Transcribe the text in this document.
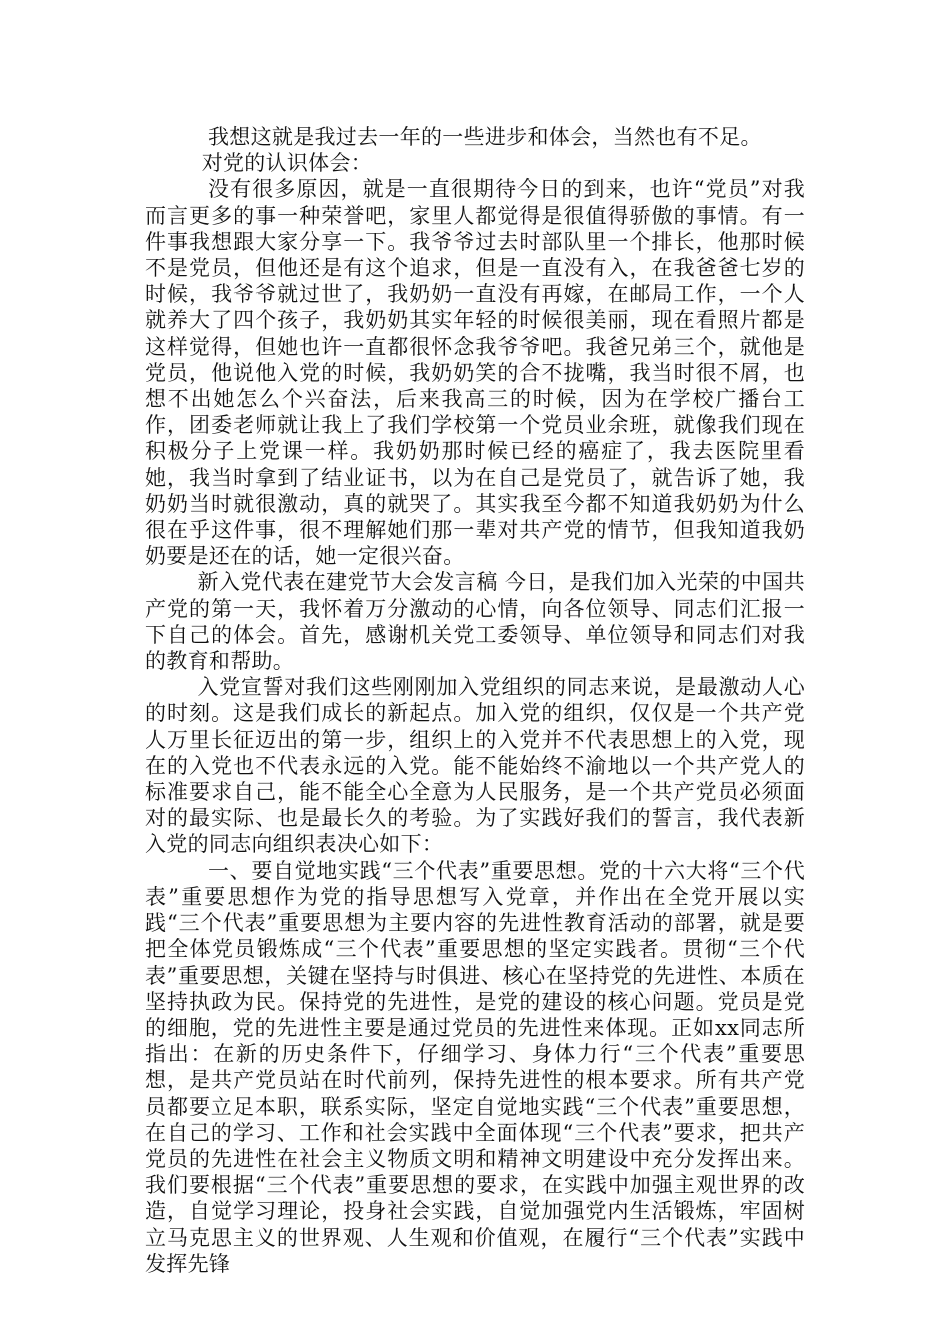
我想这就是我过去一年的一些进步和体会，当然也有不足。

对党的认识体会：

没有很多原因，就是一直很期待今日的到来，也许“党员”对我而言更多的事一种荣誉吧，家里人都觉得是很值得骄傲的事情。有一件事我想跟大家分享一下。我爷爷过去时部队里一个排长，他那时候不是党员，但他还是有这个追求，但是一直没有入，在我爸爸七岁的时候，我爷爷就过世了，我奶奶一直没有再嫁，在邮局工作，一个人就养大了四个孩子，我奶奶其实年轻的时候很美丽，现在看照片都是这样觉得，但她也许一直都很怀念我爷爷吧。我爸兄弟三个，就他是党员，他说他入党的时候，我奶奶笑的合不拢嘴，我当时很不屑，也想不出她怎么个兴奋法，后来我高三的时候，因为在学校广播台工作，团委老师就让我上了我们学校第一个党员业余班，就像我们现在积极分子上党课一样。我奶奶那时候已经的癌症了，我去医院里看她，我当时拿到了结业证书，以为在自己是党员了，就告诉了她，我奶奶当时就很激动，真的就哭了。其实我至今都不知道我奶奶为什么很在乎这件事，很不理解她们那一辈对共产党的情节，但我知道我奶奶要是还在的话，她一定很兴奋。

新入党代表在建党节大会发言稿 今日，是我们加入光荣的中国共产党的第一天，我怀着万分激动的心情，向各位领导、同志们汇报一下自己的体会。首先，感谢机关党工委领导、单位领导和同志们对我的教育和帮助。

入党宣誓对我们这些刚刚加入党组织的同志来说，是最激动人心的时刻。这是我们成长的新起点。加入党的组织，仅仅是一个共产党人万里长征迈出的第一步，组织上的入党并不代表思想上的入党，现在的入党也不代表永远的入党。能不能始终不渝地以一个共产党人的标准要求自己，能不能全心全意为人民服务，是一个共产党员必须面对的最实际、也是最长久的考验。为了实践好我们的誓言，我代表新入党的同志向组织表决心如下：

一、要自觉地实践“三个代表”重要思想。党的十六大将“三个代表”重要思想作为党的指导思想写入党章，并作出在全党开展以实践“三个代表”重要思想为主要内容的先进性教育活动的部署，就是要把全体党员锻炼成“三个代表”重要思想的坚定实践者。贯彻“三个代表”重要思想，关键在坚持与时俱进、核心在坚持党的先进性、本质在坚持执政为民。保持党的先进性，是党的建设的核心问题。党员是党的细胞，党的先进性主要是通过党员的先进性来体现。正如xx同志所指出：在新的历史条件下，仔细学习、身体力行“三个代表”重要思想，是共产党员站在时代前列，保持先进性的根本要求。所有共产党员都要立足本职，联系实际，坚定自觉地实践“三个代表”重要思想，在自己的学习、工作和社会实践中全面体现“三个代表”要求，把共产党员的先进性在社会主义物质文明和精神文明建设中充分发挥出来。我们要根据“三个代表”重要思想的要求，在实践中加强主观世界的改造，自觉学习理论，投身社会实践，自觉加强党内生活锻炼，牢固树立马克思主义的世界观、人生观和价值观，在履行“三个代表”实践中发挥先锋
